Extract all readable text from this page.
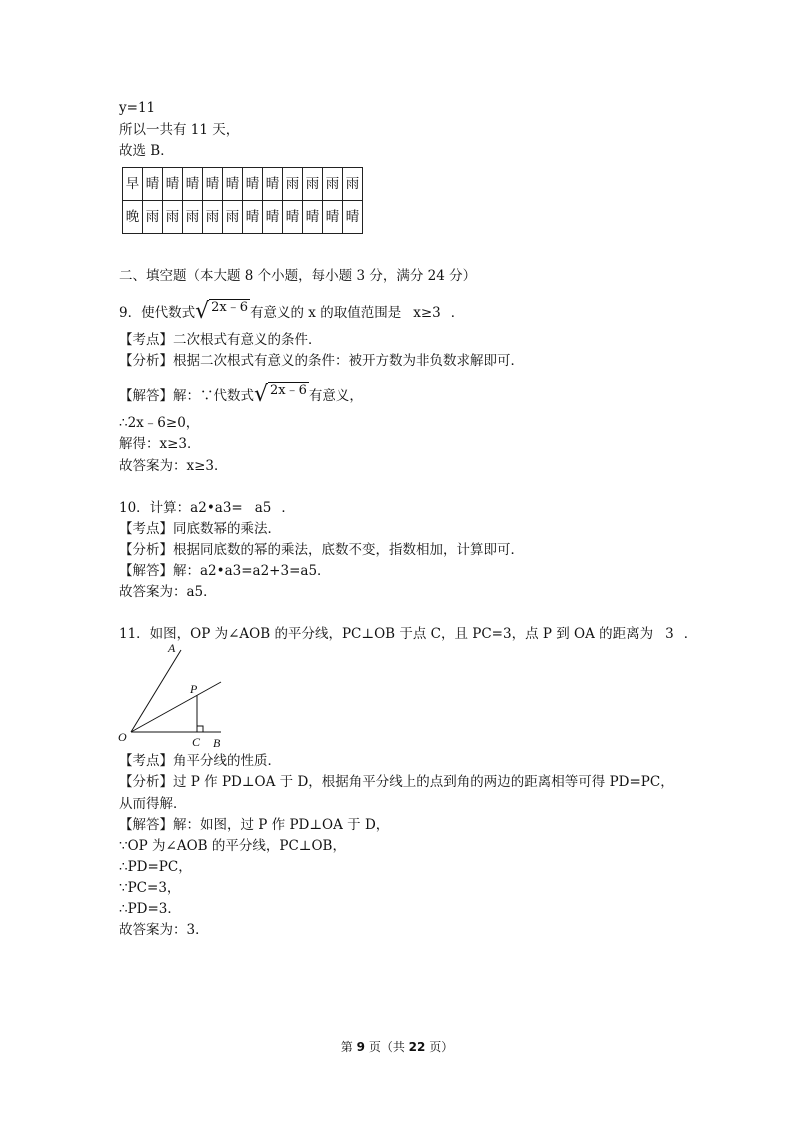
y=11
所以一共有 11 天，
故选 B．
早	晴	晴	晴	晴	晴	晴	晴	雨	雨	雨	雨
晚	雨	雨	雨	雨	雨	晴	晴	晴	晴	晴	晴
二、填空题（本大题 8 个小题，每小题 3 分，满分 24 分）
9．使代数式√ 2x﹣6 有意义的 x 的取值范围是 x≥3 ．
【考点】二次根式有意义的条件．
【分析】根据二次根式有意义的条件：被开方数为非负数求解即可．
【解答】解：∵代数式√ 2x﹣6 有意义，
∴2x﹣6≥0，
解得：x≥3．
故答案为：x≥3．
10．计算：a2•a3= a5 ．
【考点】同底数幂的乘法．
【分析】根据同底数的幂的乘法，底数不变，指数相加，计算即可．
【解答】解：a2•a3=a2+3=a5．
故答案为：a5．
11．如图，OP 为∠AOB 的平分线，PC⊥OB 于点 C，且 PC=3，点 P 到 OA 的距离为 3 ．
A
P
O	C B
【考点】角平分线的性质．
【分析】过 P 作 PD⊥OA 于 D，根据角平分线上的点到角的两边的距离相等可得 PD=PC，
从而得解．
【解答】解：如图，过 P 作 PD⊥OA 于 D，
∵OP 为∠AOB 的平分线，PC⊥OB，
∴PD=PC，
∵PC=3，
∴PD=3．
故答案为：3．
第 9 页（共 22 页）
